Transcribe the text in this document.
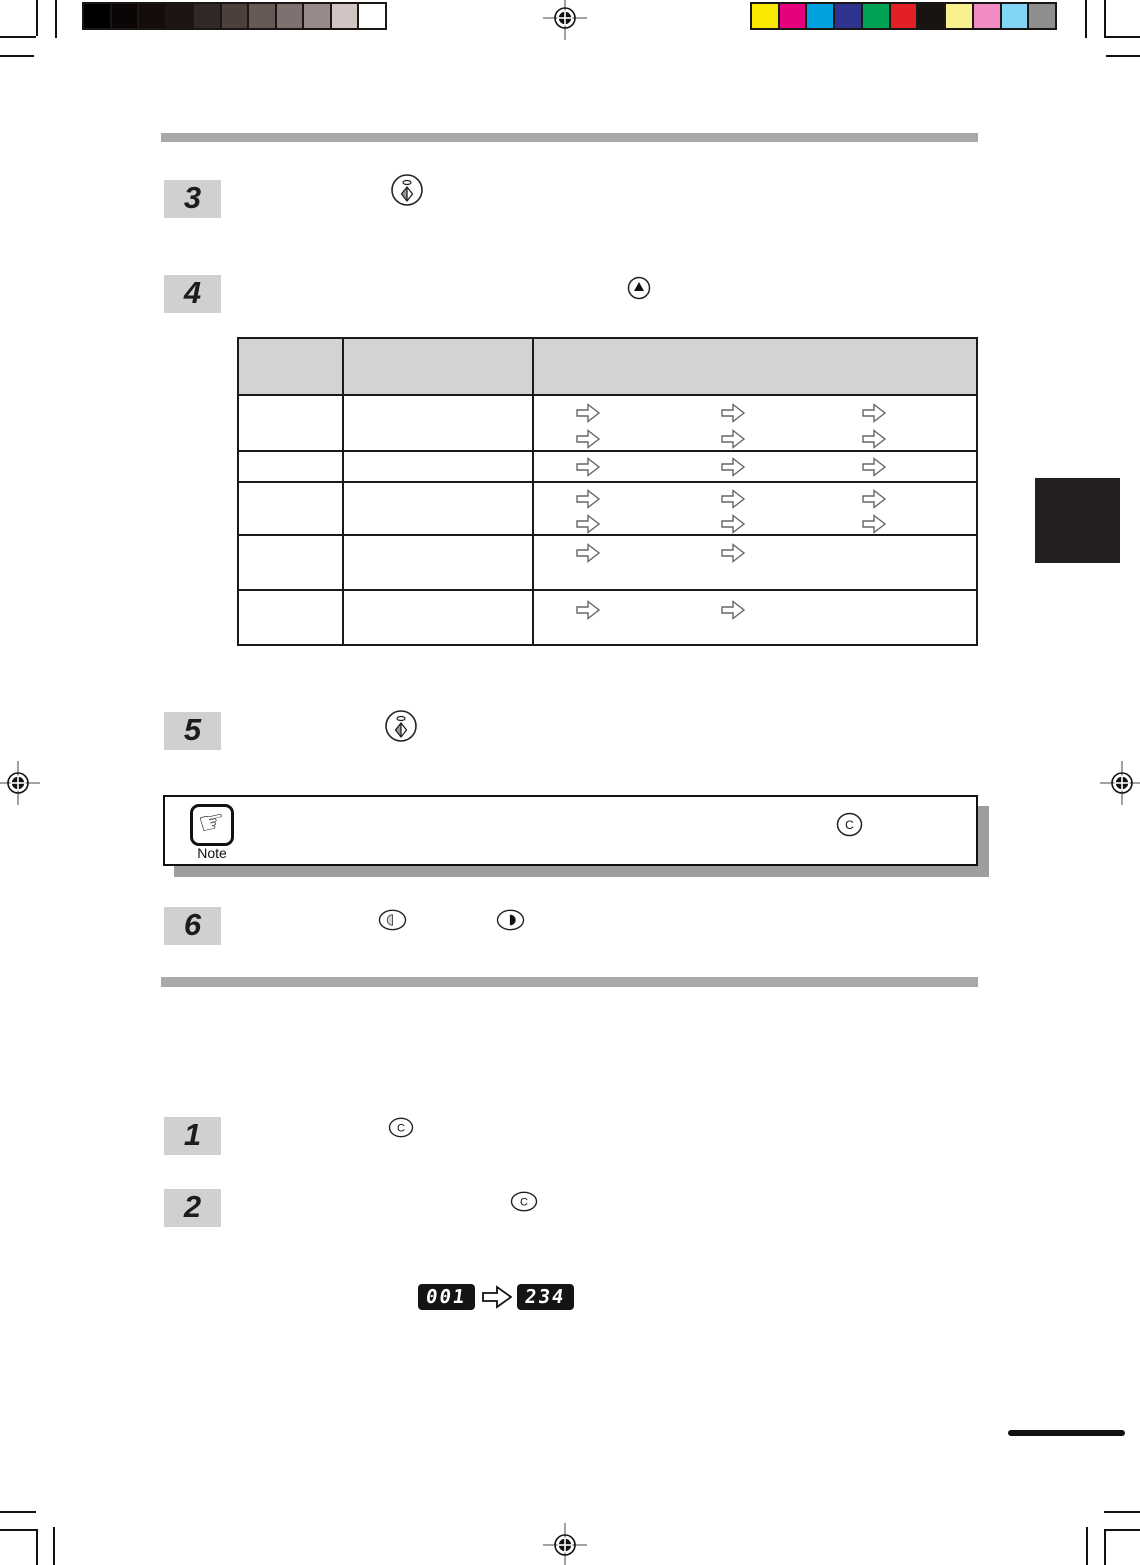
3
4
5
☞
Note
C
6
1	C
2	C
001	234
